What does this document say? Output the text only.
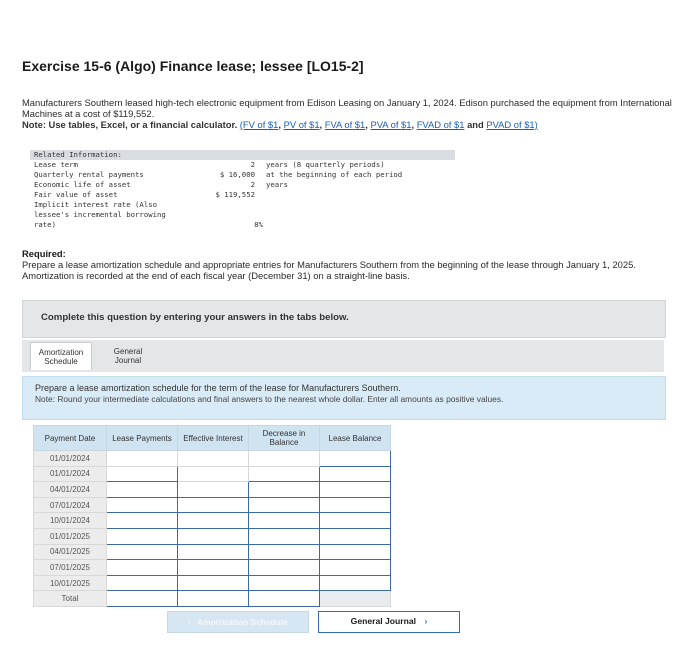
Exercise 15-6 (Algo) Finance lease; lessee [LO15-2]
Manufacturers Southern leased high-tech electronic equipment from Edison Leasing on January 1, 2024. Edison purchased the equipment from International Machines at a cost of $119,552.
Note: Use tables, Excel, or a financial calculator. (FV of $1, PV of $1, FVA of $1, PVA of $1, FVAD of $1 and PVAD of $1)
Related Information:
Lease term	2 years (8 quarterly periods)
Quarterly rental payments	$ 16,000 at the beginning of each period
Economic life of asset	2 years
Fair value of asset	$ 119,552
Implicit interest rate (Also
lessee's incremental borrowing
rate)	8%
Required:
Prepare a lease amortization schedule and appropriate entries for Manufacturers Southern from the beginning of the lease through January 1, 2025. Amortization is recorded at the end of each fiscal year (December 31) on a straight-line basis.
Complete this question by entering your answers in the tabs below.
Amortization
Schedule
General
Journal
Prepare a lease amortization schedule for the term of the lease for Manufacturers Southern.
Note: Round your intermediate calculations and final answers to the nearest whole dollar. Enter all amounts as positive values.
Payment Date	Lease Payments	Effective Interest	Decrease in Balance	Lease Balance
01/01/2024				
01/01/2024				
04/01/2024				
07/01/2024				
10/01/2024				
01/01/2025				
04/01/2025				
07/01/2025				
10/01/2025				
Total				
‹ Amortization Schedule	General Journal ›
